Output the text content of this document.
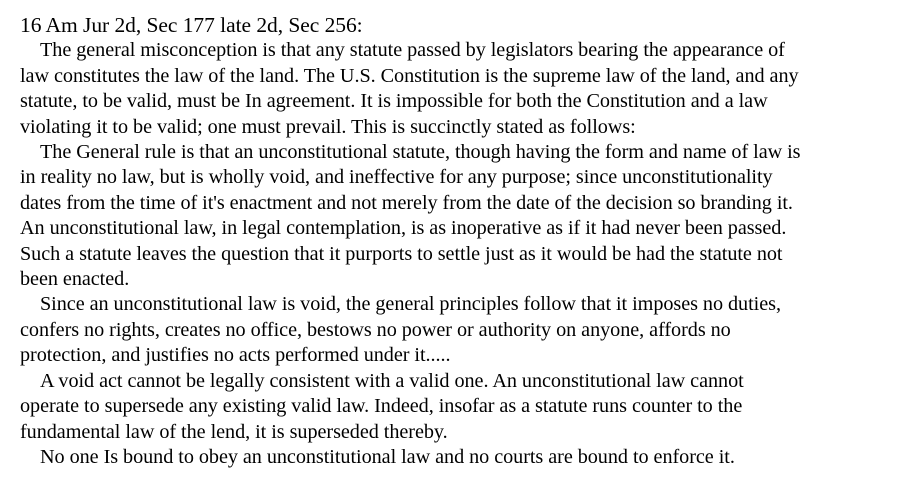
16 Am Jur 2d, Sec 177 late 2d, Sec 256:
The general misconception is that any statute passed by legislators bearing the appearance of
law constitutes the law of the land. The U.S. Constitution is the supreme law of the land, and any
statute, to be valid, must be In agreement. It is impossible for both the Constitution and a law
violating it to be valid; one must prevail. This is succinctly stated as follows:
The General rule is that an unconstitutional statute, though having the form and name of law is
in reality no law, but is wholly void, and ineffective for any purpose; since unconstitutionality
dates from the time of it's enactment and not merely from the date of the decision so branding it.
An unconstitutional law, in legal contemplation, is as inoperative as if it had never been passed.
Such a statute leaves the question that it purports to settle just as it would be had the statute not
been enacted.
Since an unconstitutional law is void, the general principles follow that it imposes no duties,
confers no rights, creates no office, bestows no power or authority on anyone, affords no
protection, and justifies no acts performed under it.....
A void act cannot be legally consistent with a valid one. An unconstitutional law cannot
operate to supersede any existing valid law. Indeed, insofar as a statute runs counter to the
fundamental law of the lend, it is superseded thereby.
No one Is bound to obey an unconstitutional law and no courts are bound to enforce it.
